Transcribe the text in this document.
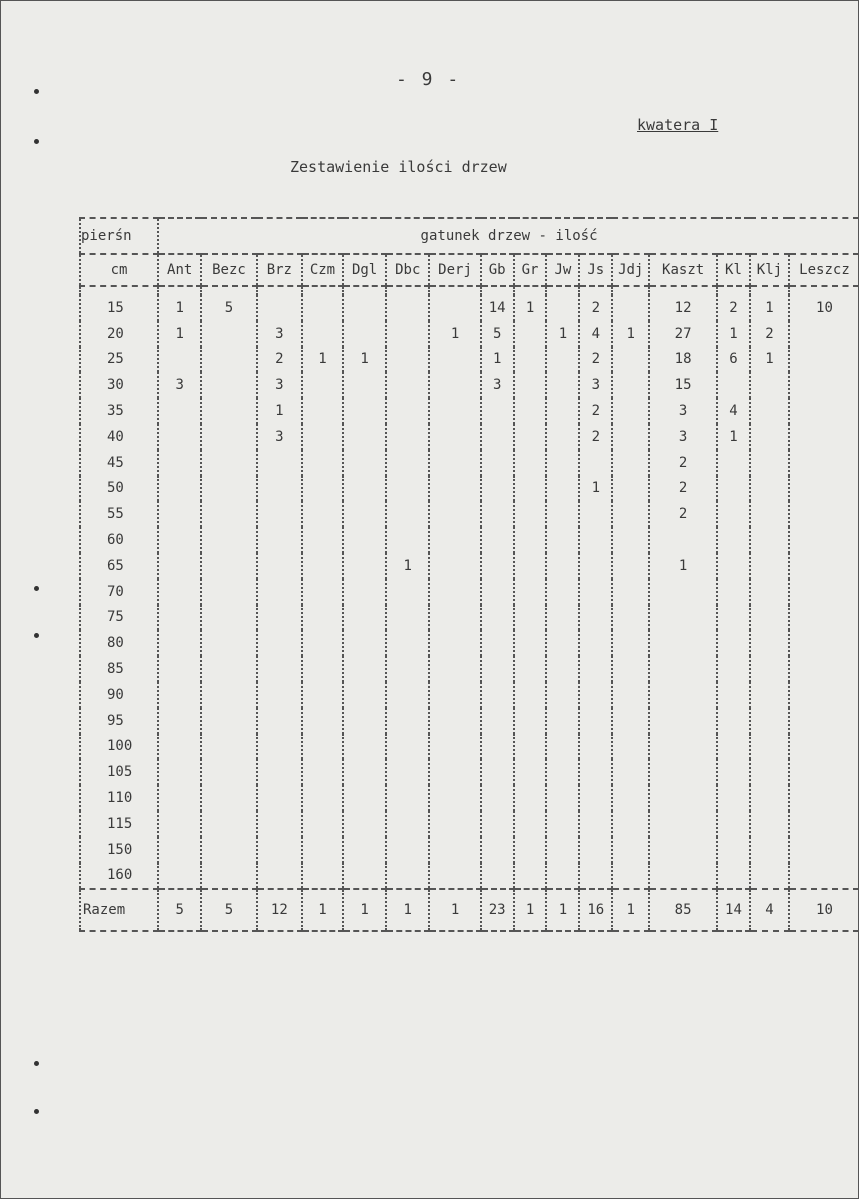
- 9 -
kwatera I
Zestawienie ilości drzew
pierśn	gatunek drzew - ilość															
cm	Ant	Bezc	Brz	Czm	Dgl	Dbc	Derj	Gb	Gr	Jw	Js	Jdj	Kaszt	Kl	Klj	Leszcz

15	1	5						14	1		2		12	2	1	10
20	1		3				1	5		1	4	1	27	1	2	
25			2	1	1			1			2		18	6	1	
30	3		3					3			3		15			
35			1								2		3	4		
40			3								2		3	1		
45													2			
50											1		2			
55													2			
60																
65						1							1			
70																
75																
80																
85																
90																
95																
100																
105																
110																
115																
150																
160																
Razem	5	5	12	1	1	1	1	23	1	1	16	1	85	14	4	10
